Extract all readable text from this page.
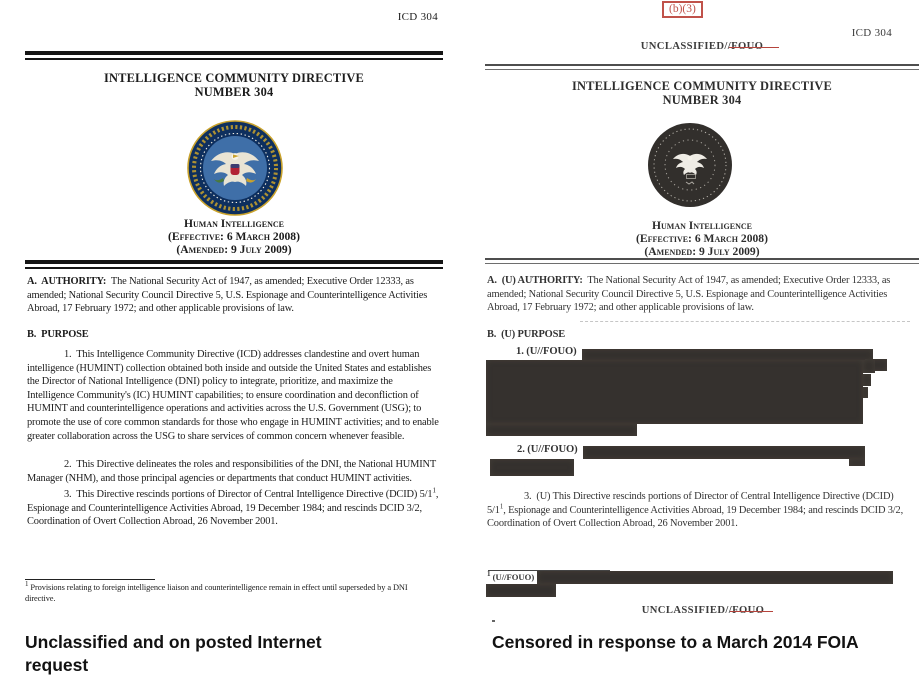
ICD 304
INTELLIGENCE COMMUNITY DIRECTIVE
NUMBER 304
Human Intelligence
(Effective: 6 March 2008)
(Amended: 9 July 2009)
A.  AUTHORITY:  The National Security Act of 1947, as amended; Executive Order 12333, as amended; National Security Council Directive 5, U.S. Espionage and Counterintelligence Activities Abroad, 17 February 1972; and other applicable provisions of law.
B.  PURPOSE
1.  This Intelligence Community Directive (ICD) addresses clandestine and overt human intelligence (HUMINT) collection obtained both inside and outside the United States and establishes the Director of National Intelligence (DNI) policy to integrate, prioritize, and maximize the Intelligence Community's (IC) HUMINT capabilities; to ensure coordination and deconfliction of HUMINT and counterintelligence operations and activities across the U.S. Government (USG); to promote the use of core common standards for those who engage in HUMINT activities; and to enable greater collaboration across the USG to share services of common concern whenever feasible.
2.  This Directive delineates the roles and responsibilities of the DNI, the National HUMINT Manager (NHM), and those principal agencies or departments that conduct HUMINT activities.
3.  This Directive rescinds portions of Director of Central Intelligence Directive (DCID) $5/1^1$, Espionage and Counterintelligence Activities Abroad, 19 December 1984; and rescinds DCID 3/2, Coordination of Overt Collection Abroad, 26 November 2001.
$^1$ Provisions relating to foreign intelligence liaison and counterintelligence remain in effect until superseded by a DNI directive.
Unclassified and on posted Internet request
(b)(3)
ICD 304
UNCLASSIFIED//FOUO
INTELLIGENCE COMMUNITY DIRECTIVE
NUMBER 304
Human Intelligence
(Effective: 6 March 2008)
(Amended: 9 July 2009)
A.  (U) AUTHORITY:  The National Security Act of 1947, as amended; Executive Order 12333, as amended; National Security Council Directive 5, U.S. Espionage and Counterintelligence Activities Abroad, 17 February 1972; and other applicable provisions of law.
B.  (U) PURPOSE
1. (U//FOUO)
2. (U//FOUO)
3.  (U) This Directive rescinds portions of Director of Central Intelligence Directive (DCID) $5/1^1$, Espionage and Counterintelligence Activities Abroad, 19 December 1984; and rescinds DCID 3/2, Coordination of Overt Collection Abroad, 26 November 2001.
$^1$ (U//FOUO)
UNCLASSIFIED//FOUO
Censored in response to a March 2014 FOIA
